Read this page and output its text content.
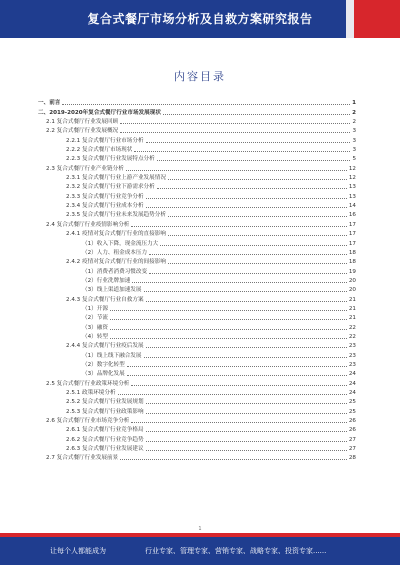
复合式餐厅市场分析及自救方案研究报告
内容目录
一、前言	1
二、2019-2020年复合式餐厅行业市场发展现状	2
2.1 复合式餐厅行业发展回顾	2
2.2 复合式餐厅行业发展概况	3
2.2.1 复合式餐厅行业市场分析	3
2.2.2 复合式餐厅市场现状	3
2.2.3 复合式餐厅行业发展特点分析	5
2.3 复合式餐厅行业产业链分析	12
2.3.1 复合式餐厅行业上游产业发展情况	12
2.3.2 复合式餐厅行业下游需求分析	13
2.3.3 复合式餐厅行业竞争分析	13
2.3.4 复合式餐厅行业成本分析	14
2.3.5 复合式餐厅行业未来发展趋势分析	16
2.4 复合式餐厅行业疫情影响分析	17
2.4.1 疫情对复合式餐厅行业的直接影响	17
（1）收入下降，现金流压力大	17
（2）人力、租金成本压力	18
2.4.2 疫情对复合式餐厅行业的间接影响	18
（1）消费者消费习惯改变	19
（2）行业洗牌加速	20
（3）线上渠道加速发展	20
2.4.3 复合式餐厅行业自救方案	21
（1）开源	21
（2）节流	21
（3）融资	22
（4）转型	22
2.4.4 复合式餐厅行业疫后发展	23
（1）线上线下融合发展	23
（2）数字化转型	23
（3）品牌化发展	24
2.5 复合式餐厅行业政策环境分析	24
2.5.1 政策环境分析	24
2.5.2 复合式餐厅行业发展规划	25
2.5.3 复合式餐厅行业政策影响	25
2.6 复合式餐厅行业市场竞争分析	26
2.6.1 复合式餐厅行业竞争格局	26
2.6.2 复合式餐厅行业竞争趋势	27
2.6.3 复合式餐厅行业发展建议	27
2.7 复合式餐厅行业发展前景	28
1
让每个人都能成为	行业专家、管理专家、营销专家、战略专家、投资专家......
